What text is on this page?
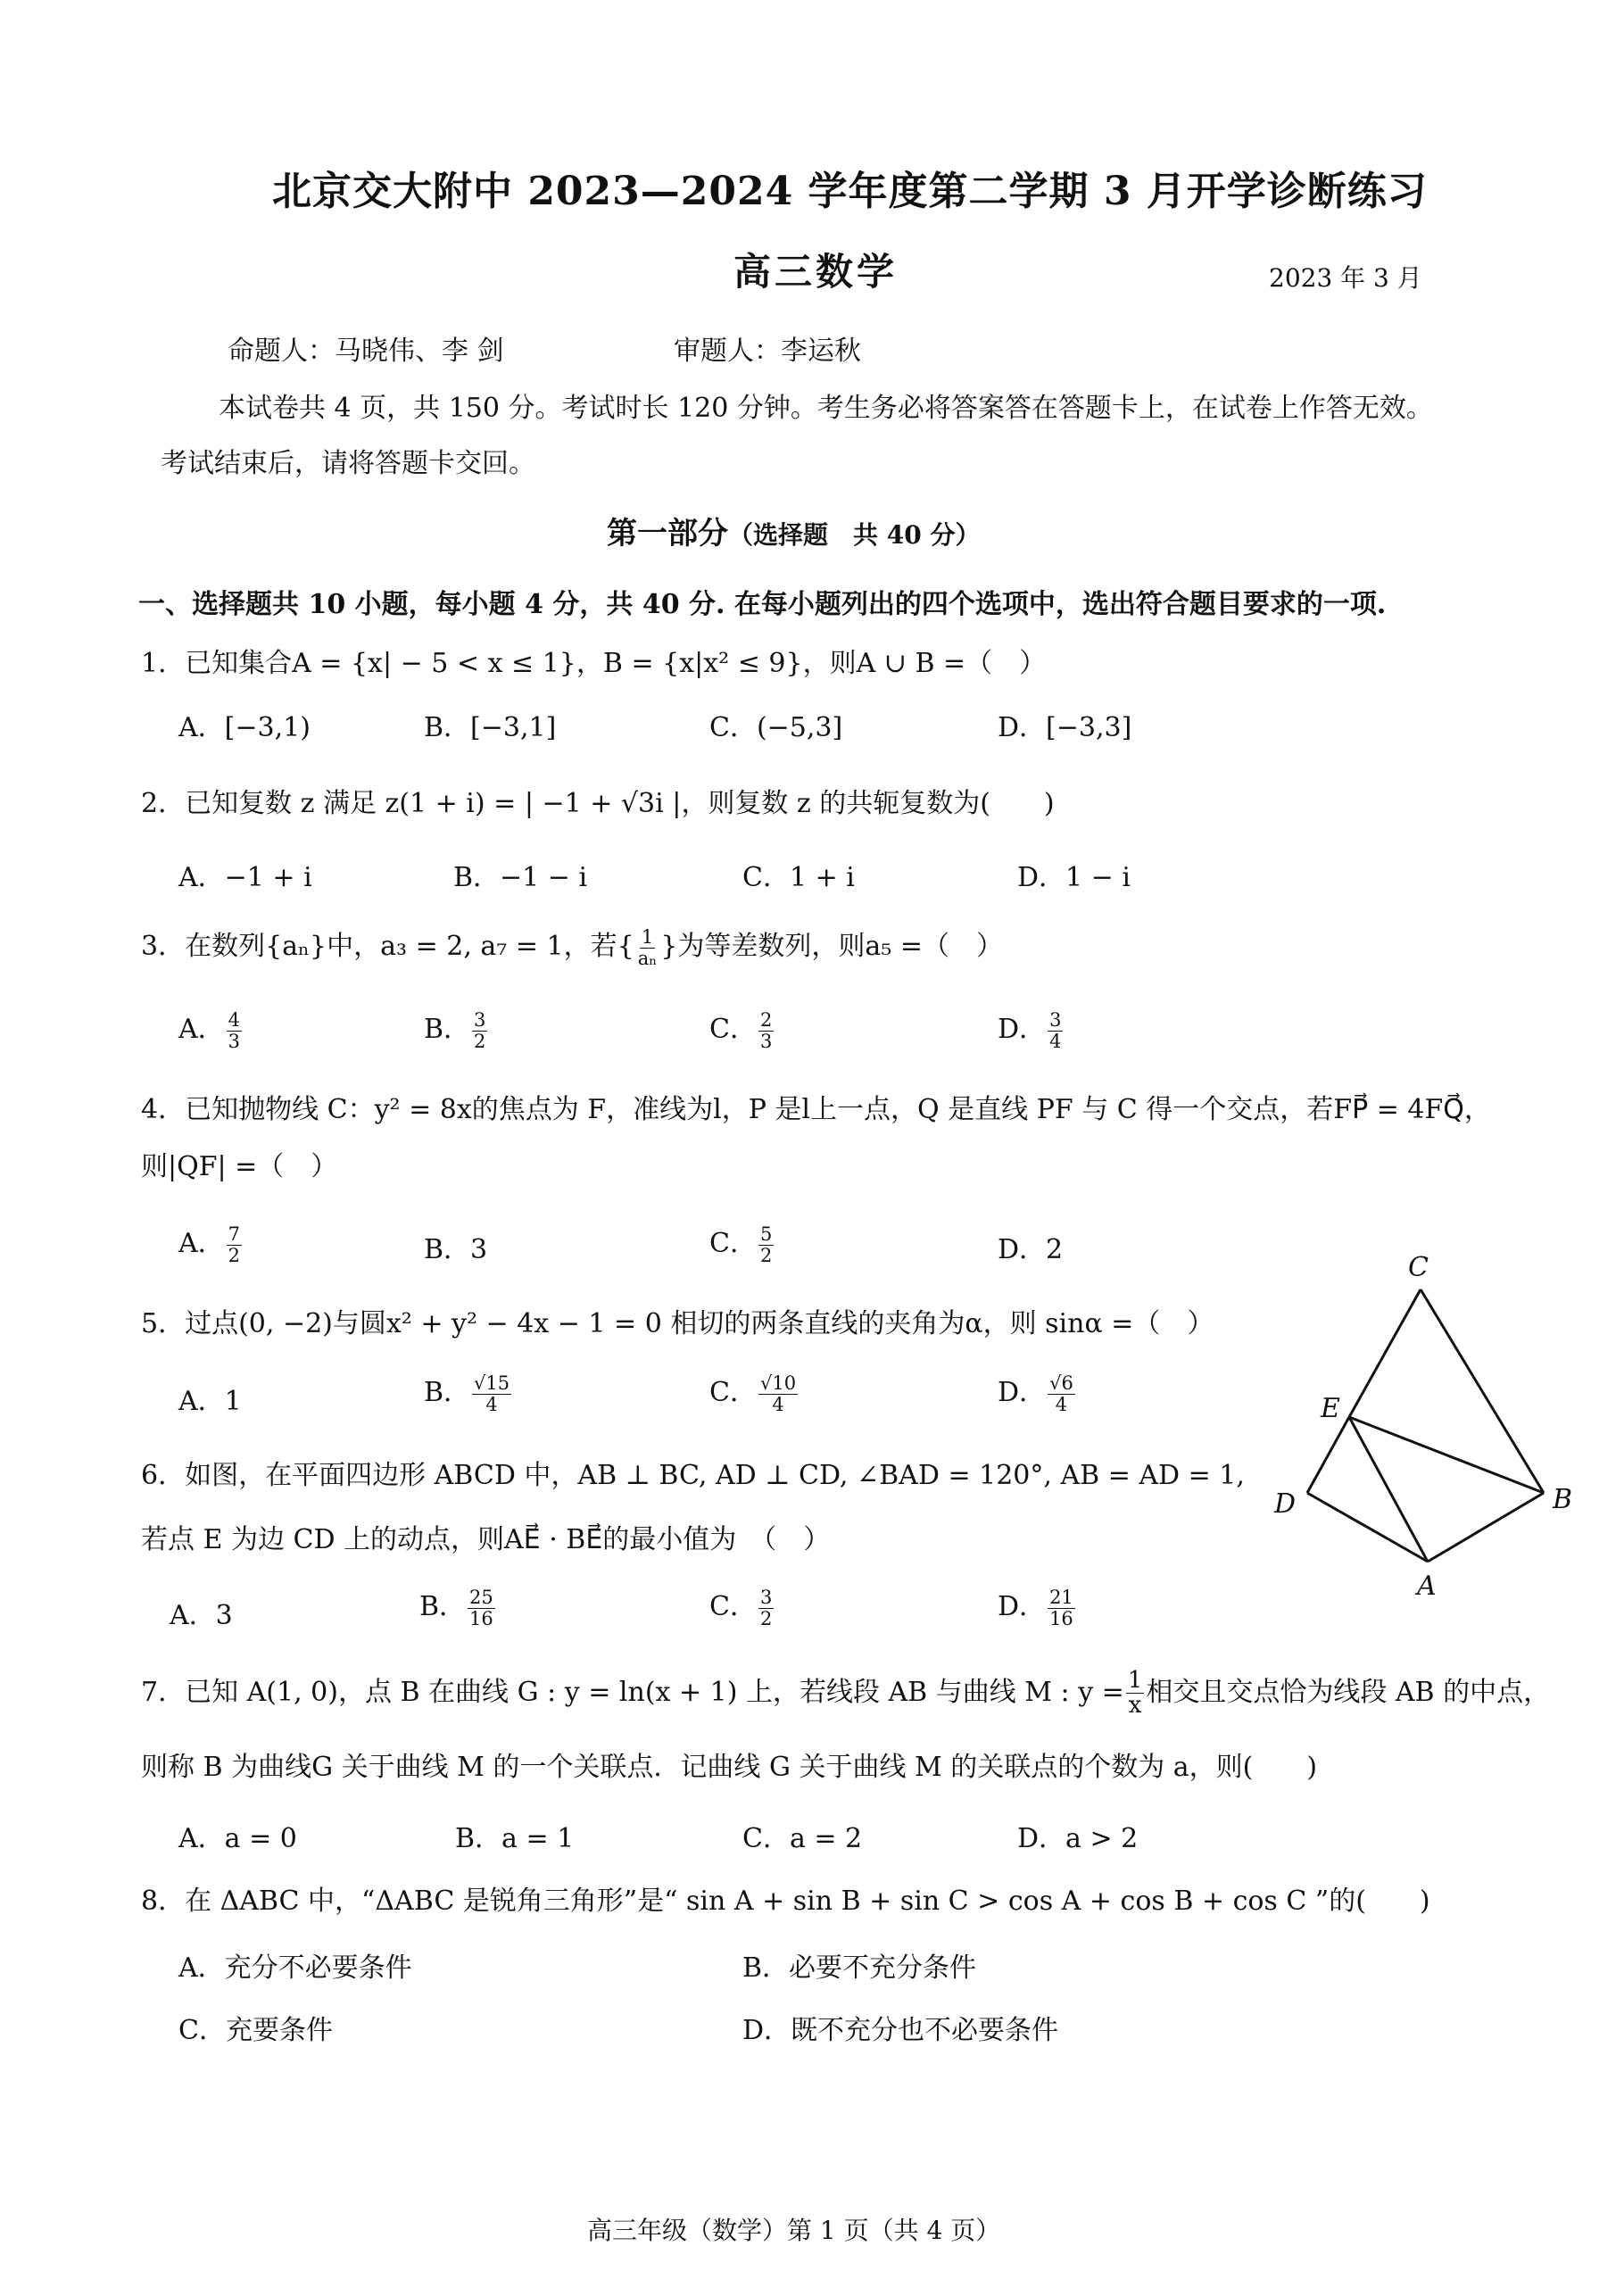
北京交大附中 2023—2024 学年度第二学期 3 月开学诊断练习
高三数学	2023 年 3 月
命题人：马晓伟、李 剑	审题人：李运秋
本试卷共 4 页，共 150 分。考试时长 120 分钟。考生务必将答案答在答题卡上，在试卷上作答无效。
考试结束后，请将答题卡交回。
第一部分（选择题　共 40 分）
一、选择题共 10 小题，每小题 4 分，共 40 分. 在每小题列出的四个选项中，选出符合题目要求的一项.
1．已知集合A = {x| − 5 < x ≤ 1}，B = {x|x² ≤ 9}，则A ∪ B =（　）
A．[−3,1)	B．[−3,1]	C．(−5,3]	D．[−3,3]
2．已知复数 z 满足 z(1 + i) = | −1 + √3i |，则复数 z 的共轭复数为(　　)
A．−1 + i	B．−1 − i	C．1 + i	D．1 − i
3．在数列{aₙ}中，a₃ = 2, a₇ = 1，若{ $\frac{1}{\text{aₙ}}$ }为等差数列，则a₅ =（　）
A． $\frac{4}{3}$	B． $\frac{3}{2}$	C． $\frac{2}{3}$	D． $\frac{3}{4}$
4．已知抛物线 C：y² = 8x的焦点为 F，准线为l，P 是l上一点，Q 是直线 PF 与 C 得一个交点，若FP⃗ = 4FQ⃗，
则|QF| =（　）
A． $\frac{7}{2}$	B．3	C． $\frac{5}{2}$	D．2
5．过点(0, −2)与圆x² + y² − 4x − 1 = 0 相切的两条直线的夹角为α，则 sinα =（　）
A．1	B． $\frac{√15}{4}$	C． $\frac{√10}{4}$	D． $\frac{√6}{4}$
6．如图，在平面四边形 ABCD 中，AB ⊥ BC, AD ⊥ CD, ∠BAD = 120°, AB = AD = 1,
若点 E 为边 CD 上的动点，则AE⃗ · BE⃗的最小值为　（　）
A．3	B． $\frac{25}{16}$	C． $\frac{3}{2}$	D． $\frac{21}{16}$
C
E
D	B
A
7．已知 A(1, 0)，点 B 在曲线 G : y = ln(x + 1) 上，若线段 AB 与曲线 M : $y = \frac{1}{x}$ 相交且交点恰为线段 AB 的中点，
则称 B 为曲线G 关于曲线 M 的一个关联点．记曲线 G 关于曲线 M 的关联点的个数为 a，则(　　)
A．a = 0	B．a = 1	C．a = 2	D．a > 2
8．在 ΔABC 中，“ΔABC 是锐角三角形”是“ sin A + sin B + sin C > cos A + cos B + cos C ”的(　　)
A．充分不必要条件	B．必要不充分条件
C．充要条件	D．既不充分也不必要条件
高三年级（数学）第 1 页（共 4 页）
